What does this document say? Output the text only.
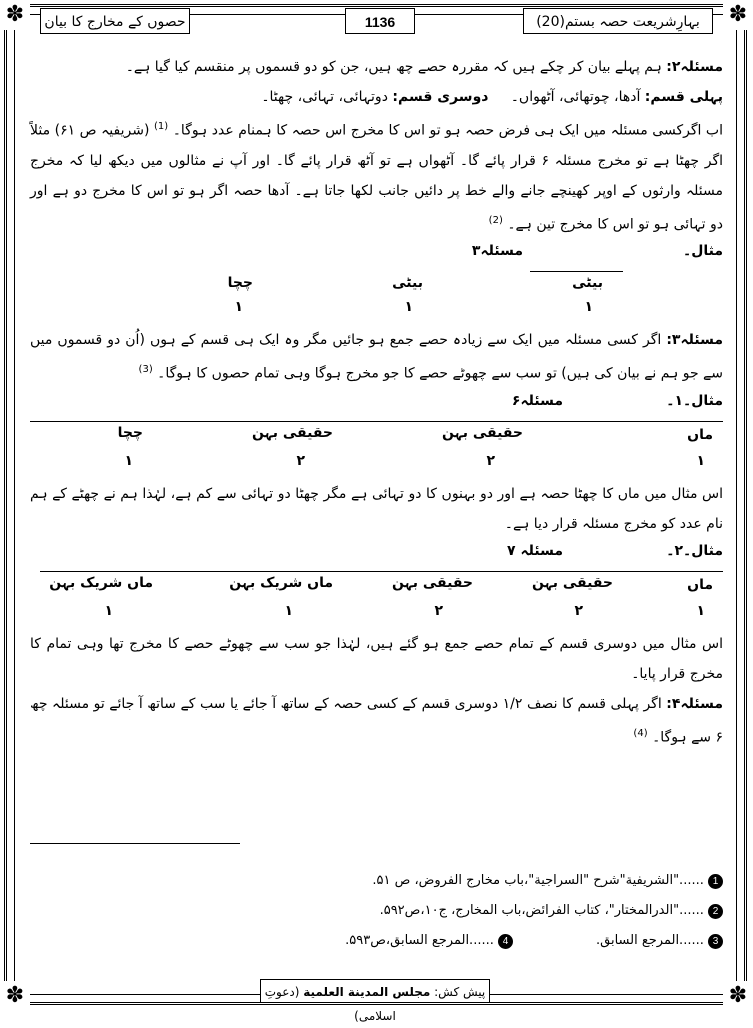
✽	✽
✽	✽
بہارِشریعت حصہ بستم(20)
1136
حصوں کے مخارج کا بیان

مسئلہ۲: ہم پہلے بیان کر چکے ہیں کہ مقررہ حصے چھ ہیں، جن کو دو قسموں پر منقسم کیا گیا ہے۔

پہلی قسم: آدھا، چوتھائی، آٹھواں۔     دوسری قسم: دوتہائی، تہائی، چھٹا۔

اب اگرکسی مسئلہ میں ایک ہی فرض حصہ ہو تو اس کا مخرج اس حصہ کا ہمنام عدد ہوگا۔ $^{(1)}$ (شریفیہ ص ۶۱) مثلاً اگر چھٹا ہے تو مخرج مسئلہ ۶ قرار پائے گا۔ آٹھواں ہے تو آٹھ قرار پائے گا۔ اور آپ نے مثالوں میں دیکھ لیا کہ مخرج مسئلہ وارثوں کے اوپر کھینچے جانے والے خط پر دائیں جانب لکھا جاتا ہے۔ آدھا حصہ اگر ہو تو اس کا مخرج دو ہے اور دو تہائی ہو تو اس کا مخرج تین ہے۔ $^{(2)}$

مثال۔
مسئلہ۳
بیٹی
بیٹی
چچا
۱
۱
۱

مسئلہ۳: اگر کسی مسئلہ میں ایک سے زیادہ حصے جمع ہو جائیں مگر وہ ایک ہی قسم کے ہوں (اُن دو قسموں میں سے جو ہم نے بیان کی ہیں) تو سب سے چھوٹے حصے کا جو مخرج ہوگا وہی تمام حصوں کا ہوگا۔ $^{(3)}$

مثال۔۱۔
مسئلہ۶
ماں
حقیقی بہن
حقیقی بہن
چچا
۱
۲
۲
۱

اس مثال میں ماں کا چھٹا حصہ ہے اور دو بہنوں کا دو تہائی ہے مگر چھٹا دو تہائی سے کم ہے، لہٰذا ہم نے چھٹے کے ہم نام عدد کو مخرج مسئلہ قرار دیا ہے۔

مثال۔۲۔
مسئلہ ۷
ماں
حقیقی بہن
حقیقی بہن
ماں شریک بہن
ماں شریک بہن
۱
۲
۲
۱
۱

اس مثال میں دوسری قسم کے تمام حصے جمع ہو گئے ہیں، لہٰذا جو سب سے چھوٹے حصے کا مخرج تھا وہی تمام کا مخرج قرار پایا۔

مسئلہ۴: اگر پہلی قسم کا نصف ۱/۲ دوسری قسم کے کسی حصہ کے ساتھ آ جائے یا سب کے ساتھ آ جائے تو مسئلہ چھ ۶ سے ہوگا۔ $^{(4)}$

1 ......"الشریفیة"شرح "السراجیة"،باب مخارج الفروض، ص ۵۱.
2 ......"الدرالمختار"، کتاب الفرائض،باب المخارج، ج۱۰،ص۵۹۲.
3 ......المرجع السابق.
4 ......المرجع السابق،ص۵۹۳.
پیش کش: مجلس المدینة العلمیة (دعوتِ اسلامی)
